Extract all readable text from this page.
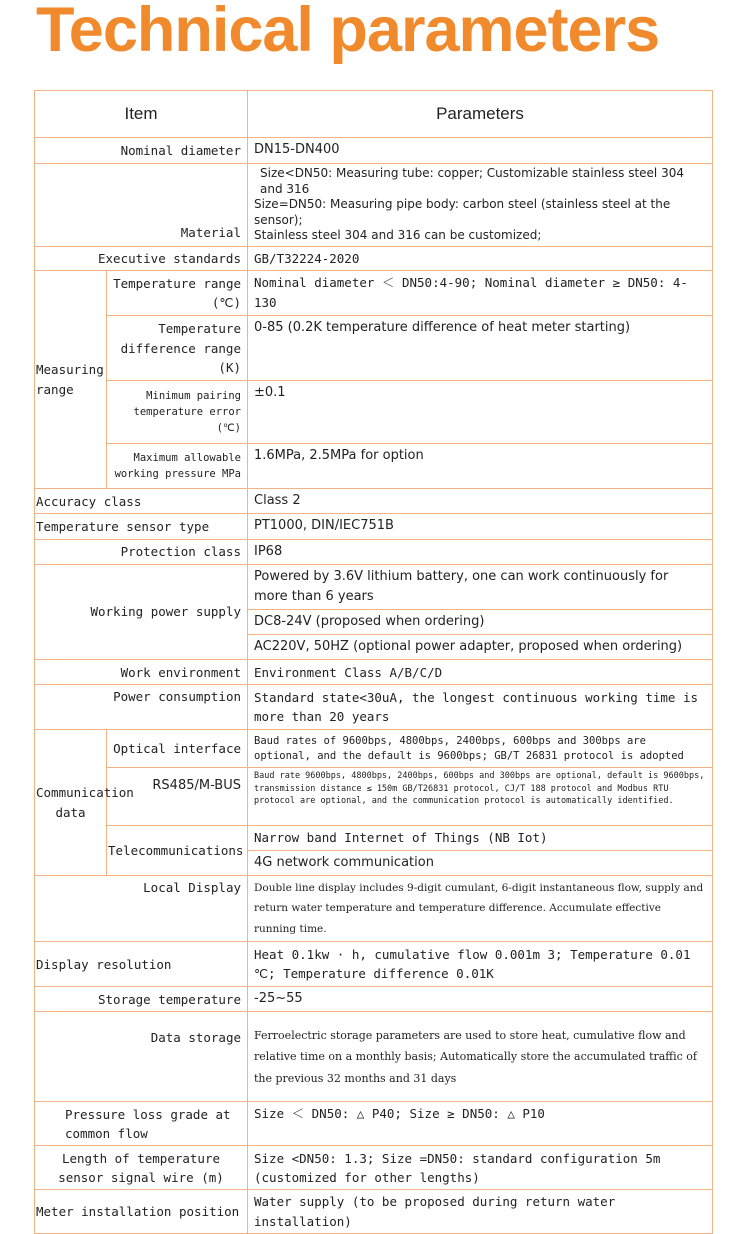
Technical parameters
Item		Parameters
Nominal diameter		DN15-DN400
Material		Size<DN50: Measuring tube: copper; Customizable stainless steel 304 and 316
Size=DN50: Measuring pipe body: carbon steel (stainless steel at the sensor);
Stainless steel 304 and 316 can be customized;

Executive standards		GB/T32224-2020
Measuring range	Temperature range (℃)	Nominal diameter ＜ DN50:4-90; Nominal diameter ≥ DN50: 4-130
	Temperature difference range (K)	0-85 (0.2K temperature difference of heat meter starting)
	Minimum pairing temperature error (℃)	±0.1
	Maximum allowable working pressure MPa	1.6MPa, 2.5MPa for option
Accuracy class		Class 2
Temperature sensor type		PT1000, DIN/IEC751B
Protection class		IP68
Working power supply		Powered by 3.6V lithium battery, one can work continuously for more than 6 years
		DC8-24V (proposed when ordering)
		AC220V, 50HZ (optional power adapter, proposed when ordering)
Work environment		Environment Class A/B/C/D
Power consumption		Standard state<30uA, the longest continuous working time is more than 20 years
Communication data	Optical interface	Baud rates of 9600bps, 4800bps, 2400bps, 600bps and 300bps are optional, and the default is 9600bps; GB/T 26831 protocol is adopted
	RS485/M-BUS	Baud rate 9600bps, 4800bps, 2400bps, 600bps and 300bps are optional, default is 9600bps, transmission distance ≤ 150m GB/T26831 protocol, CJ/T 188 protocol and Modbus RTU protocol are optional, and the communication protocol is automatically identified.
	Telecommunications	Narrow band Internet of Things (NB Iot)
		4G network communication
Local Display		Double line display includes 9-digit cumulant, 6-digit instantaneous flow, supply and return water temperature and temperature difference. Accumulate effective running time.
Display resolution		Heat 0.1kw · h, cumulative flow 0.001m 3; Temperature 0.01 ℃; Temperature difference 0.01K
Storage temperature		-25~55
Data storage		Ferroelectric storage parameters are used to store heat, cumulative flow and relative time on a monthly basis; Automatically store the accumulated traffic of the previous 32 months and 31 days
Pressure loss grade at common flow		Size ＜ DN50: △ P40; Size ≥ DN50: △ P10
Length of temperature sensor signal wire (m)		Size <DN50: 1.3; Size =DN50: standard configuration 5m (customized for other lengths)
Meter installation position		Water supply (to be proposed during return water installation)
